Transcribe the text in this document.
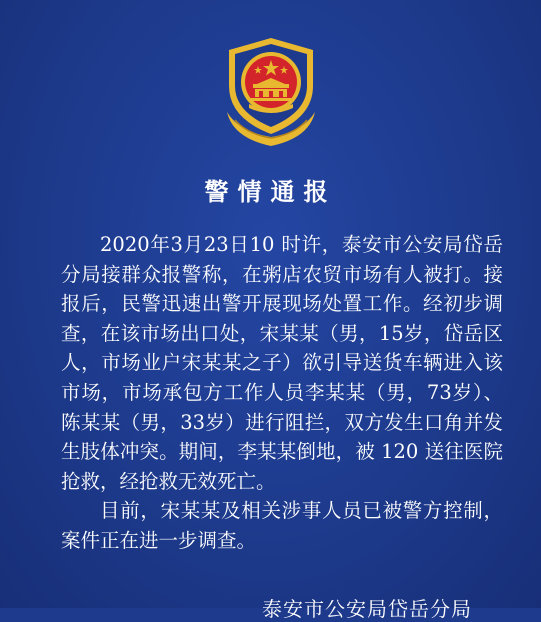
警情通报

2020年3月23日10 时许，泰安市公安局岱岳分局接群众报警称，在粥店农贸市场有人被打。接报后，民警迅速出警开展现场处置工作。经初步调查，在该市场出口处，宋某某（男，15岁，岱岳区人，市场业户宋某某之子）欲引导送货车辆进入该市场，市场承包方工作人员李某某（男，73岁）、陈某某（男，33岁）进行阻拦，双方发生口角并发生肢体冲突。期间，李某某倒地，被 120 送往医院抢救，经抢救无效死亡。

目前，宋某某及相关涉事人员已被警方控制，案件正在进一步调查。

泰安市公安局岱岳分局
